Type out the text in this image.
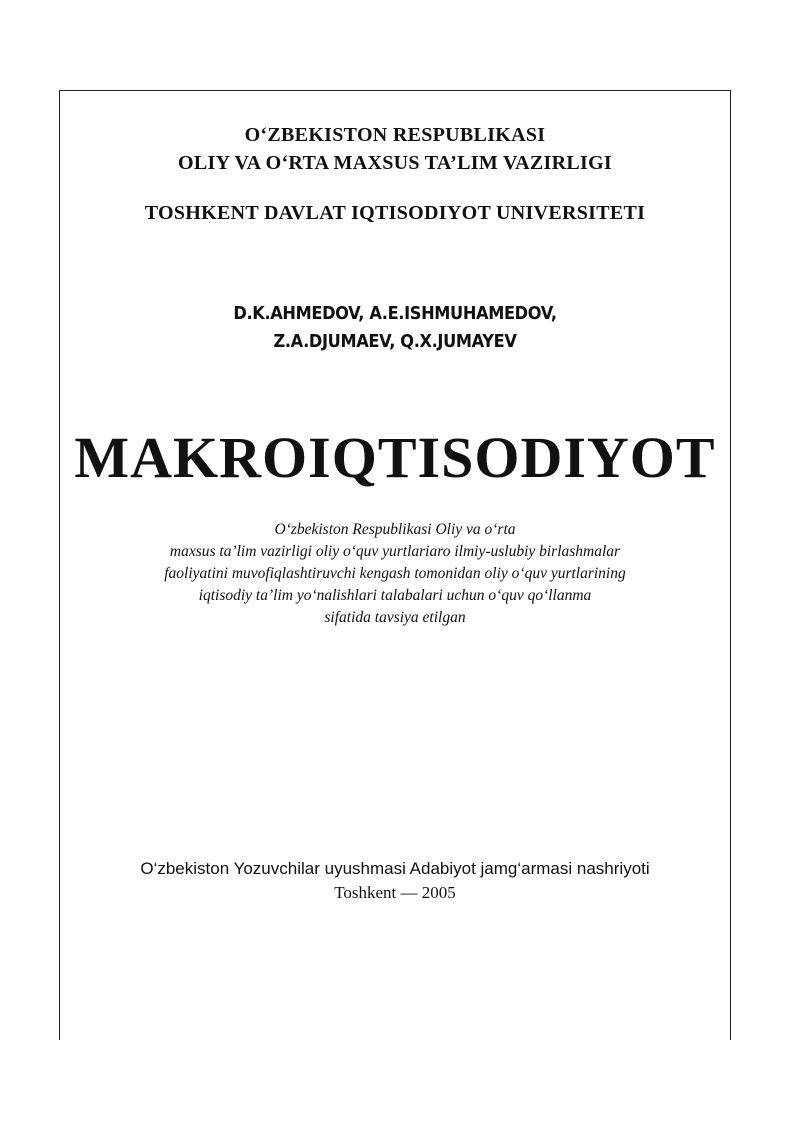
O‘ZBEKISTON RESPUBLIKASI
OLIY VA O‘RTA MAXSUS TA’LIM VAZIRLIGI
TOSHKENT DAVLAT IQTISODIYOT UNIVERSITETI
D.K.AHMEDOV, A.E.ISHMUHAMEDOV,
Z.A.DJUMAEV, Q.X.JUMAYEV
MAKROIQTISODIYOT
O‘zbekiston Respublikasi Oliy va o‘rta
maxsus ta’lim vazirligi oliy o‘quv yurtlariaro ilmiy-uslubiy birlashmalar
faoliyatini muvofiqlashtiruvchi kengash tomonidan oliy o‘quv yurtlarining
iqtisodiy ta’lim yo‘nalishlari talabalari uchun o‘quv qo‘llanma
sifatida tavsiya etilgan
O‘zbekiston Yozuvchilar uyushmasi Adabiyot jamg‘armasi nashriyoti
Toshkent — 2005
